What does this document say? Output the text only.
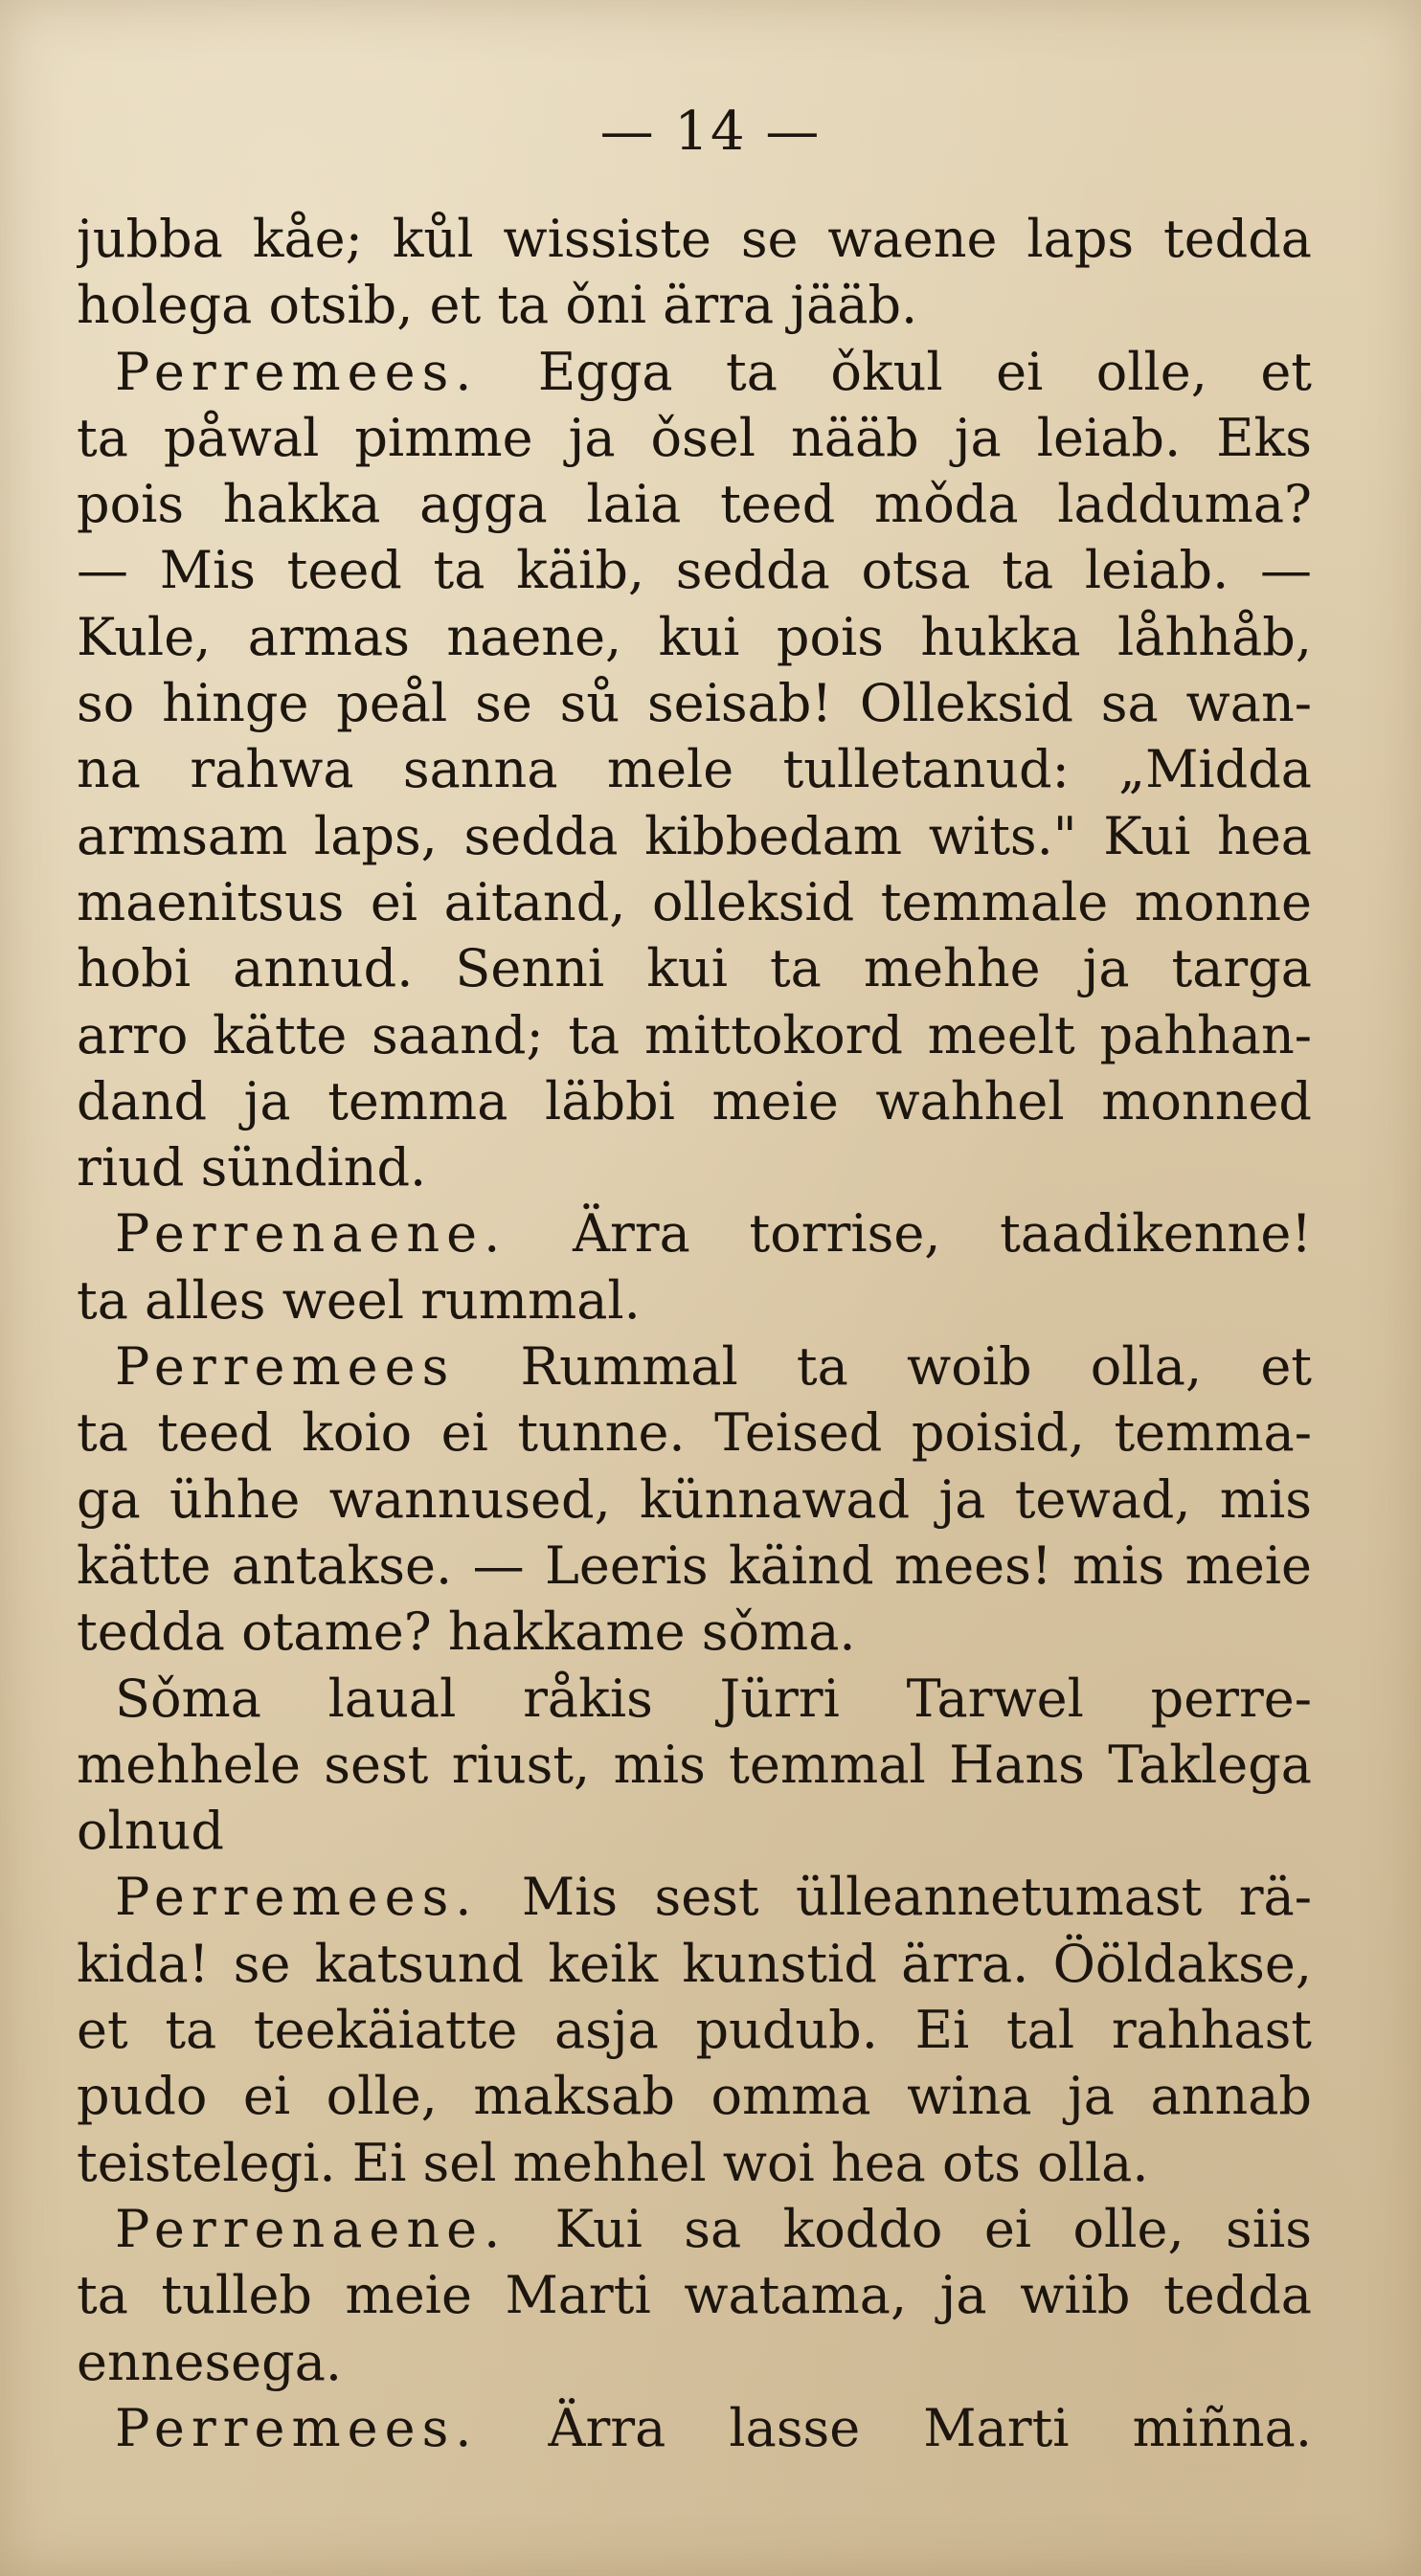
— 14 —
jubba kåe; kůl wissiste se waene laps tedda
holega otsib, et ta ǒni ärra jääb.
Perremees. Egga ta ǒkul ei olle, et
ta påwal pimme ja ǒsel nääb ja leiab. Eks
pois hakka agga laia teed mǒda ladduma?
— Mis teed ta käib, sedda otsa ta leiab. —
Kule, armas naene, kui pois hukka låhhåb,
so hinge peål se sů seisab! Olleksid sa wan-
na rahwa sanna mele tulletanud: „Midda
armsam laps, sedda kibbedam wits." Kui hea
maenitsus ei aitand, olleksid temmale monne
hobi annud. Senni kui ta mehhe ja targa
arro kätte saand; ta mittokord meelt pahhan-
dand ja temma läbbi meie wahhel monned
riud sündind.
Perrenaene. Ärra torrise, taadikenne!
ta alles weel rummal.
Perremees Rummal ta woib olla, et
ta teed koio ei tunne. Teised poisid, temma-
ga ühhe wannused, künnawad ja tewad, mis
kätte antakse. — Leeris käind mees! mis meie
tedda otame? hakkame sǒma.
Sǒma laual råkis Jürri Tarwel perre-
mehhele sest riust, mis temmal Hans Taklega
olnud
Perremees. Mis sest ülleannetumast rä-
kida! se katsund keik kunstid ärra. Ööldakse,
et ta teekäiatte asja pudub. Ei tal rahhast
pudo ei olle, maksab omma wina ja annab
teistelegi. Ei sel mehhel woi hea ots olla.
Perrenaene. Kui sa koddo ei olle, siis
ta tulleb meie Marti watama, ja wiib tedda
ennesega.
Perremees. Ärra lasse Marti miñna.
